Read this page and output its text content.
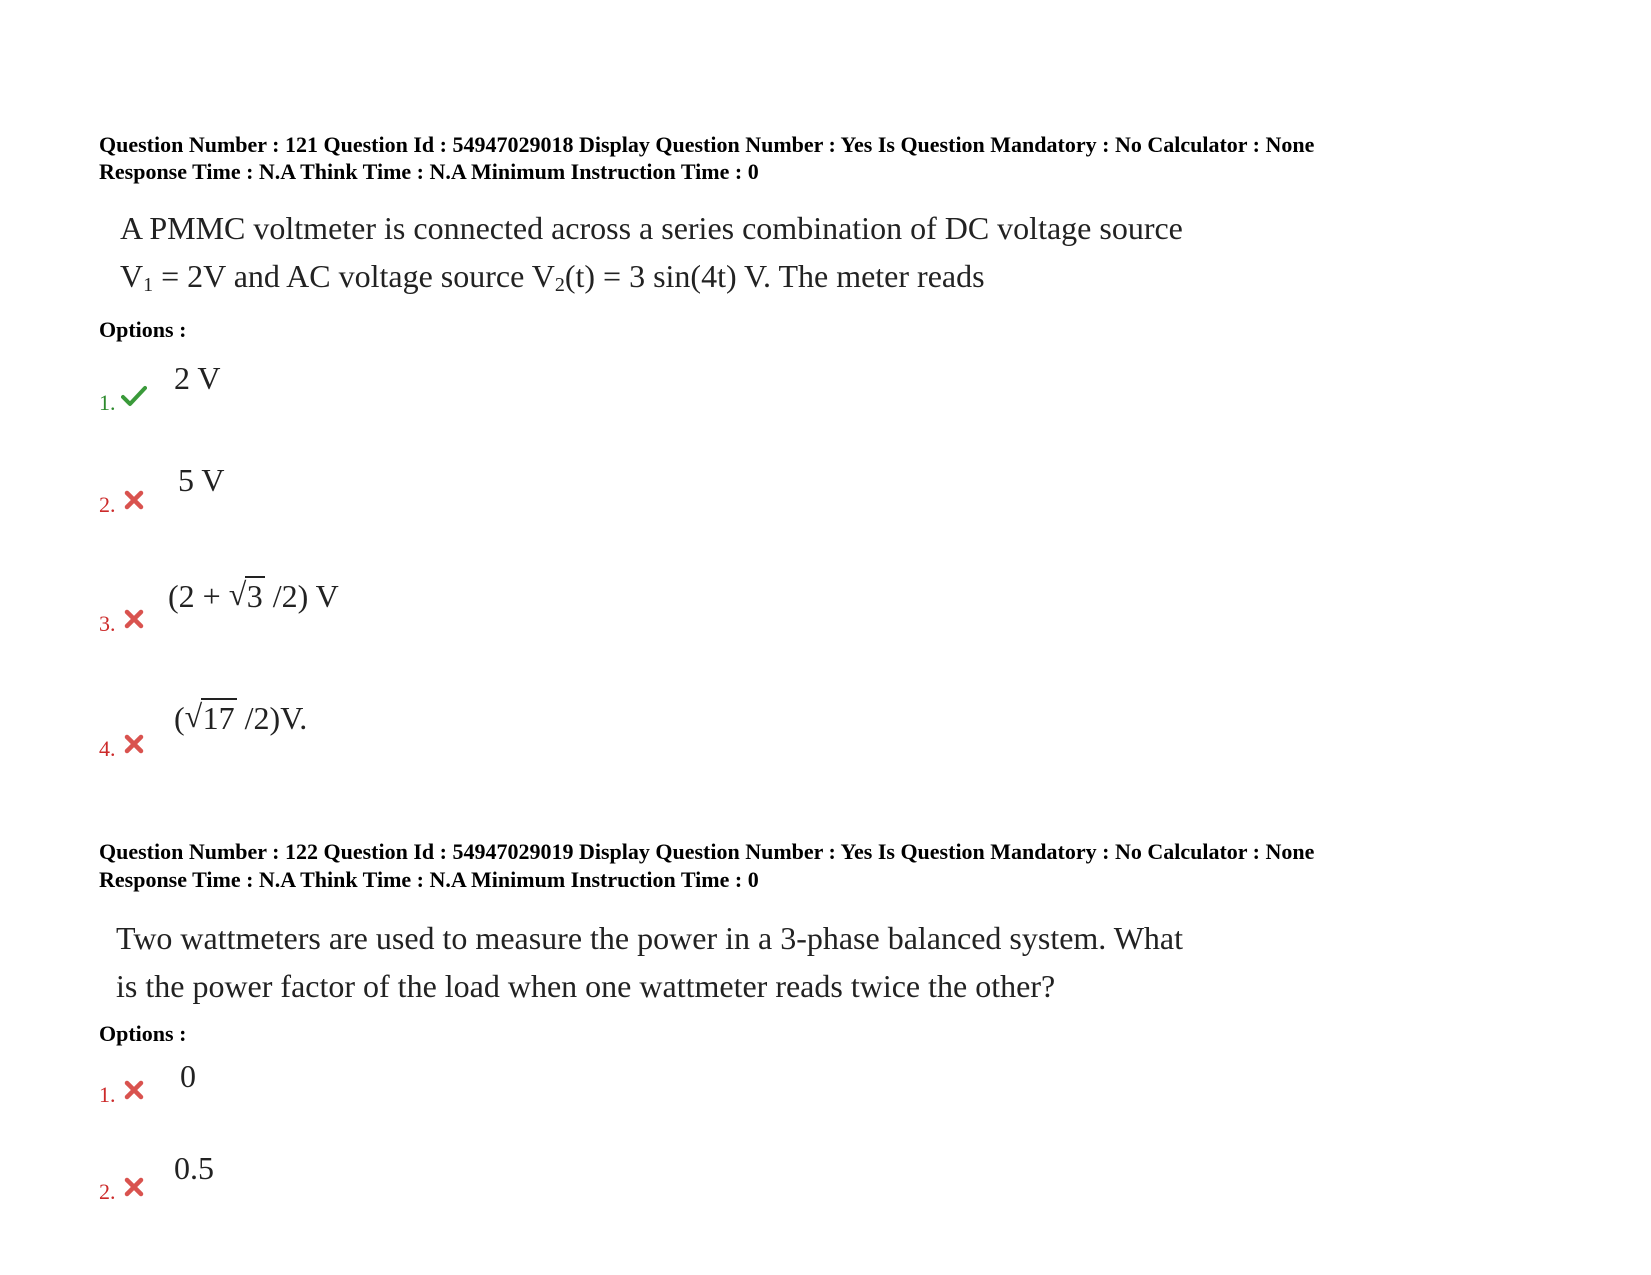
Question Number : 121 Question Id : 54947029018 Display Question Number : Yes Is Question Mandatory : No Calculator : None
Response Time : N.A Think Time : N.A Minimum Instruction Time : 0
A PMMC voltmeter is connected across a series combination of DC voltage source
$V_1 = 2V$ and AC voltage source $V_2(t) = 3$ sin(4t) V. The meter reads
Options :
1.
2 V
2.
5 V
3.
(2 + √ 3 /2) V
4.
( √ 17 /2)V.
Question Number : 122 Question Id : 54947029019 Display Question Number : Yes Is Question Mandatory : No Calculator : None
Response Time : N.A Think Time : N.A Minimum Instruction Time : 0
Two wattmeters are used to measure the power in a 3-phase balanced system. What
is the power factor of the load when one wattmeter reads twice the other?
Options :
1.
0
2.
0.5
